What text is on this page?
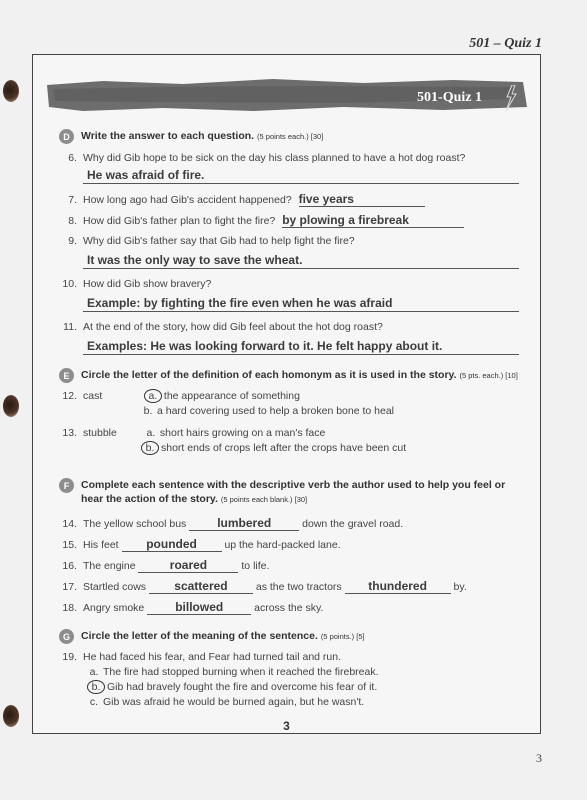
501 – Quiz 1
501-Quiz 1
D	Write the answer to each question. (5 points each.) [30]
6. Why did Gib hope to be sick on the day his class planned to have a hot dog roast?
He was afraid of fire.
7. How long ago had Gib's accident happened? five years
8. How did Gib's father plan to fight the fire? by plowing a firebreak
9. Why did Gib's father say that Gib had to help fight the fire?
It was the only way to save the wheat.
10. How did Gib show bravery?
Example: by fighting the fire even when he was afraid
11. At the end of the story, how did Gib feel about the hot dog roast?
Examples: He was looking forward to it. He felt happy about it.
E	Circle the letter of the definition of each homonym as it is used in the story. (5 pts. each.) [10]
12. cast	a. the appearance of something
b. a hard covering used to help a broken bone to heal
13. stubble	a. short hairs growing on a man's face
b. short ends of crops left after the crops have been cut
F	Complete each sentence with the descriptive verb the author used to help you feel or
hear the action of the story. (5 points each blank.) [30]
14. The yellow school bus	lumbered	down the gravel road.
15. His feet pounded	up the hard-packed lane.
16. The engine	roared	to life.
17. Startled cows scattered	as the two tractors thundered	by.
18. Angry smoke	billowed	across the sky.
G	Circle the letter of the meaning of the sentence. (5 points.) [5]
19. He had faced his fear, and Fear had turned tail and run.
a. The fire had stopped burning when it reached the firebreak.
b. Gib had bravely fought the fire and overcome his fear of it.
c. Gib was afraid he would be burned again, but he wasn't.
3
3
